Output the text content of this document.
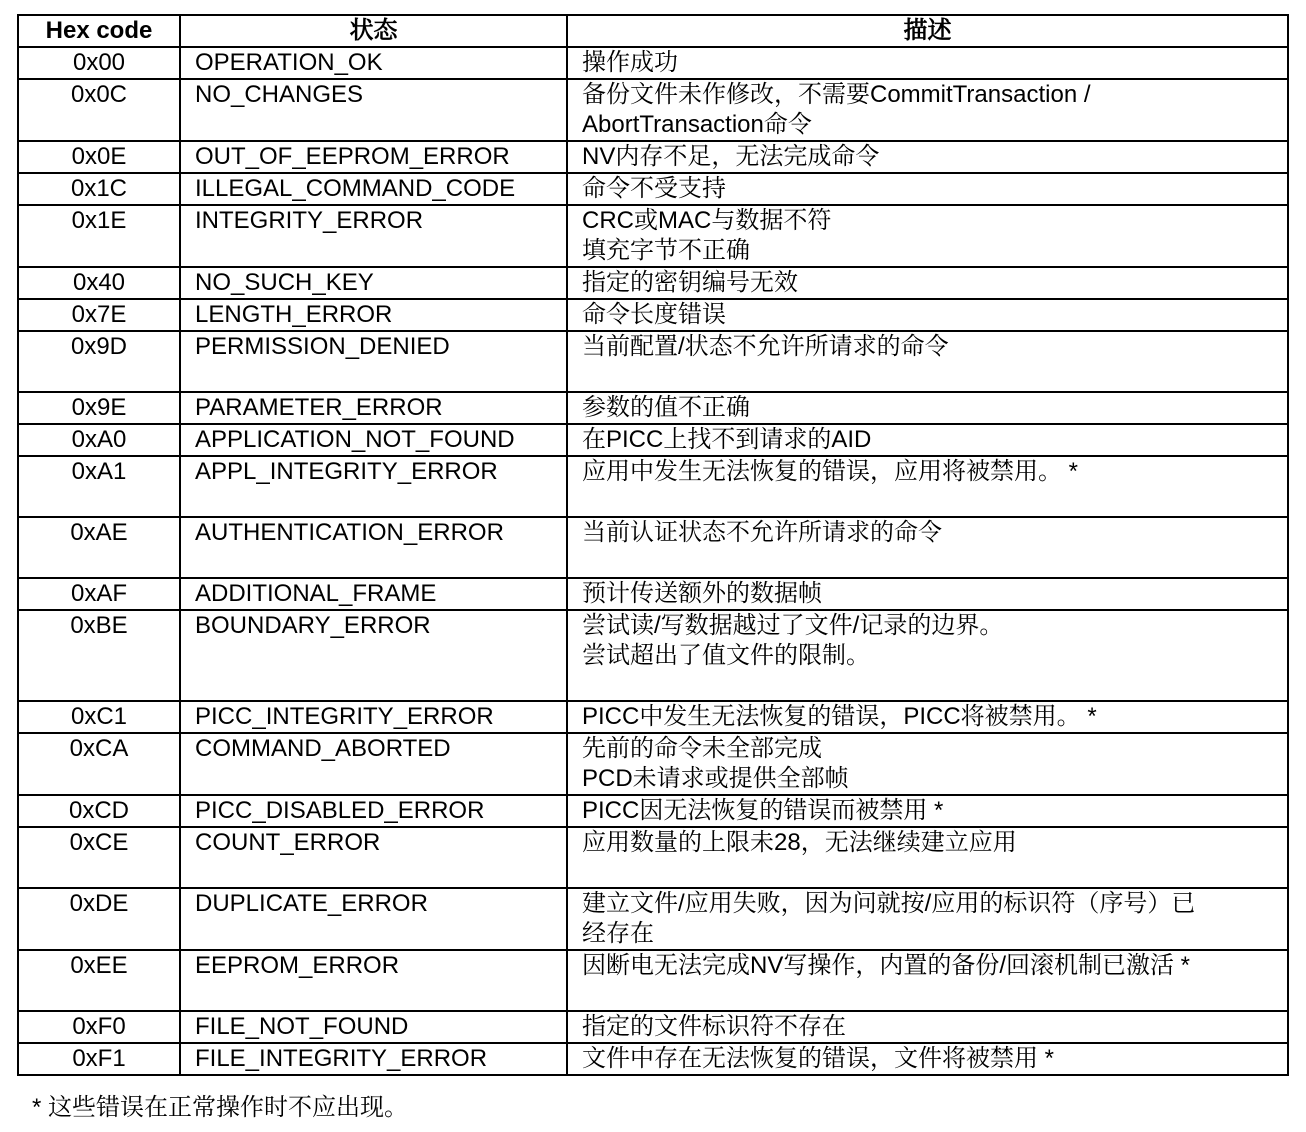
Hex code	状态	描述
0x00	OPERATION_OK	操作成功

0x0C	NO_CHANGES	备份文件未作修改，不需要CommitTransaction /
AbortTransaction命令

0x0E	OUT_OF_EEPROM_ERROR	NV内存不足，无法完成命令

0x1C	ILLEGAL_COMMAND_CODE	命令不受支持

0x1E	INTEGRITY_ERROR	CRC或MAC与数据不符
填充字节不正确

0x40	NO_SUCH_KEY	指定的密钥编号无效

0x7E	LENGTH_ERROR	命令长度错误

0x9D	PERMISSION_DENIED	当前配置/状态不允许所请求的命令

0x9E	PARAMETER_ERROR	参数的值不正确

0xA0	APPLICATION_NOT_FOUND	在PICC上找不到请求的AID

0xA1	APPL_INTEGRITY_ERROR	应用中发生无法恢复的错误，应用将被禁用。 *

0xAE	AUTHENTICATION_ERROR	当前认证状态不允许所请求的命令

0xAF	ADDITIONAL_FRAME	预计传送额外的数据帧

0xBE	BOUNDARY_ERROR	尝试读/写数据越过了文件/记录的边界。
尝试超出了值文件的限制。

0xC1	PICC_INTEGRITY_ERROR	PICC中发生无法恢复的错误，PICC将被禁用。 *

0xCA	COMMAND_ABORTED	先前的命令未全部完成
PCD未请求或提供全部帧

0xCD	PICC_DISABLED_ERROR	PICC因无法恢复的错误而被禁用 *

0xCE	COUNT_ERROR	应用数量的上限未28，无法继续建立应用

0xDE	DUPLICATE_ERROR	建立文件/应用失败，因为问就按/应用的标识符（序号）已
经存在

0xEE	EEPROM_ERROR	因断电无法完成NV写操作，内置的备份/回滚机制已激活 *

0xF0	FILE_NOT_FOUND	指定的文件标识符不存在

0xF1	FILE_INTEGRITY_ERROR	文件中存在无法恢复的错误，文件将被禁用 *
* 这些错误在正常操作时不应出现。
